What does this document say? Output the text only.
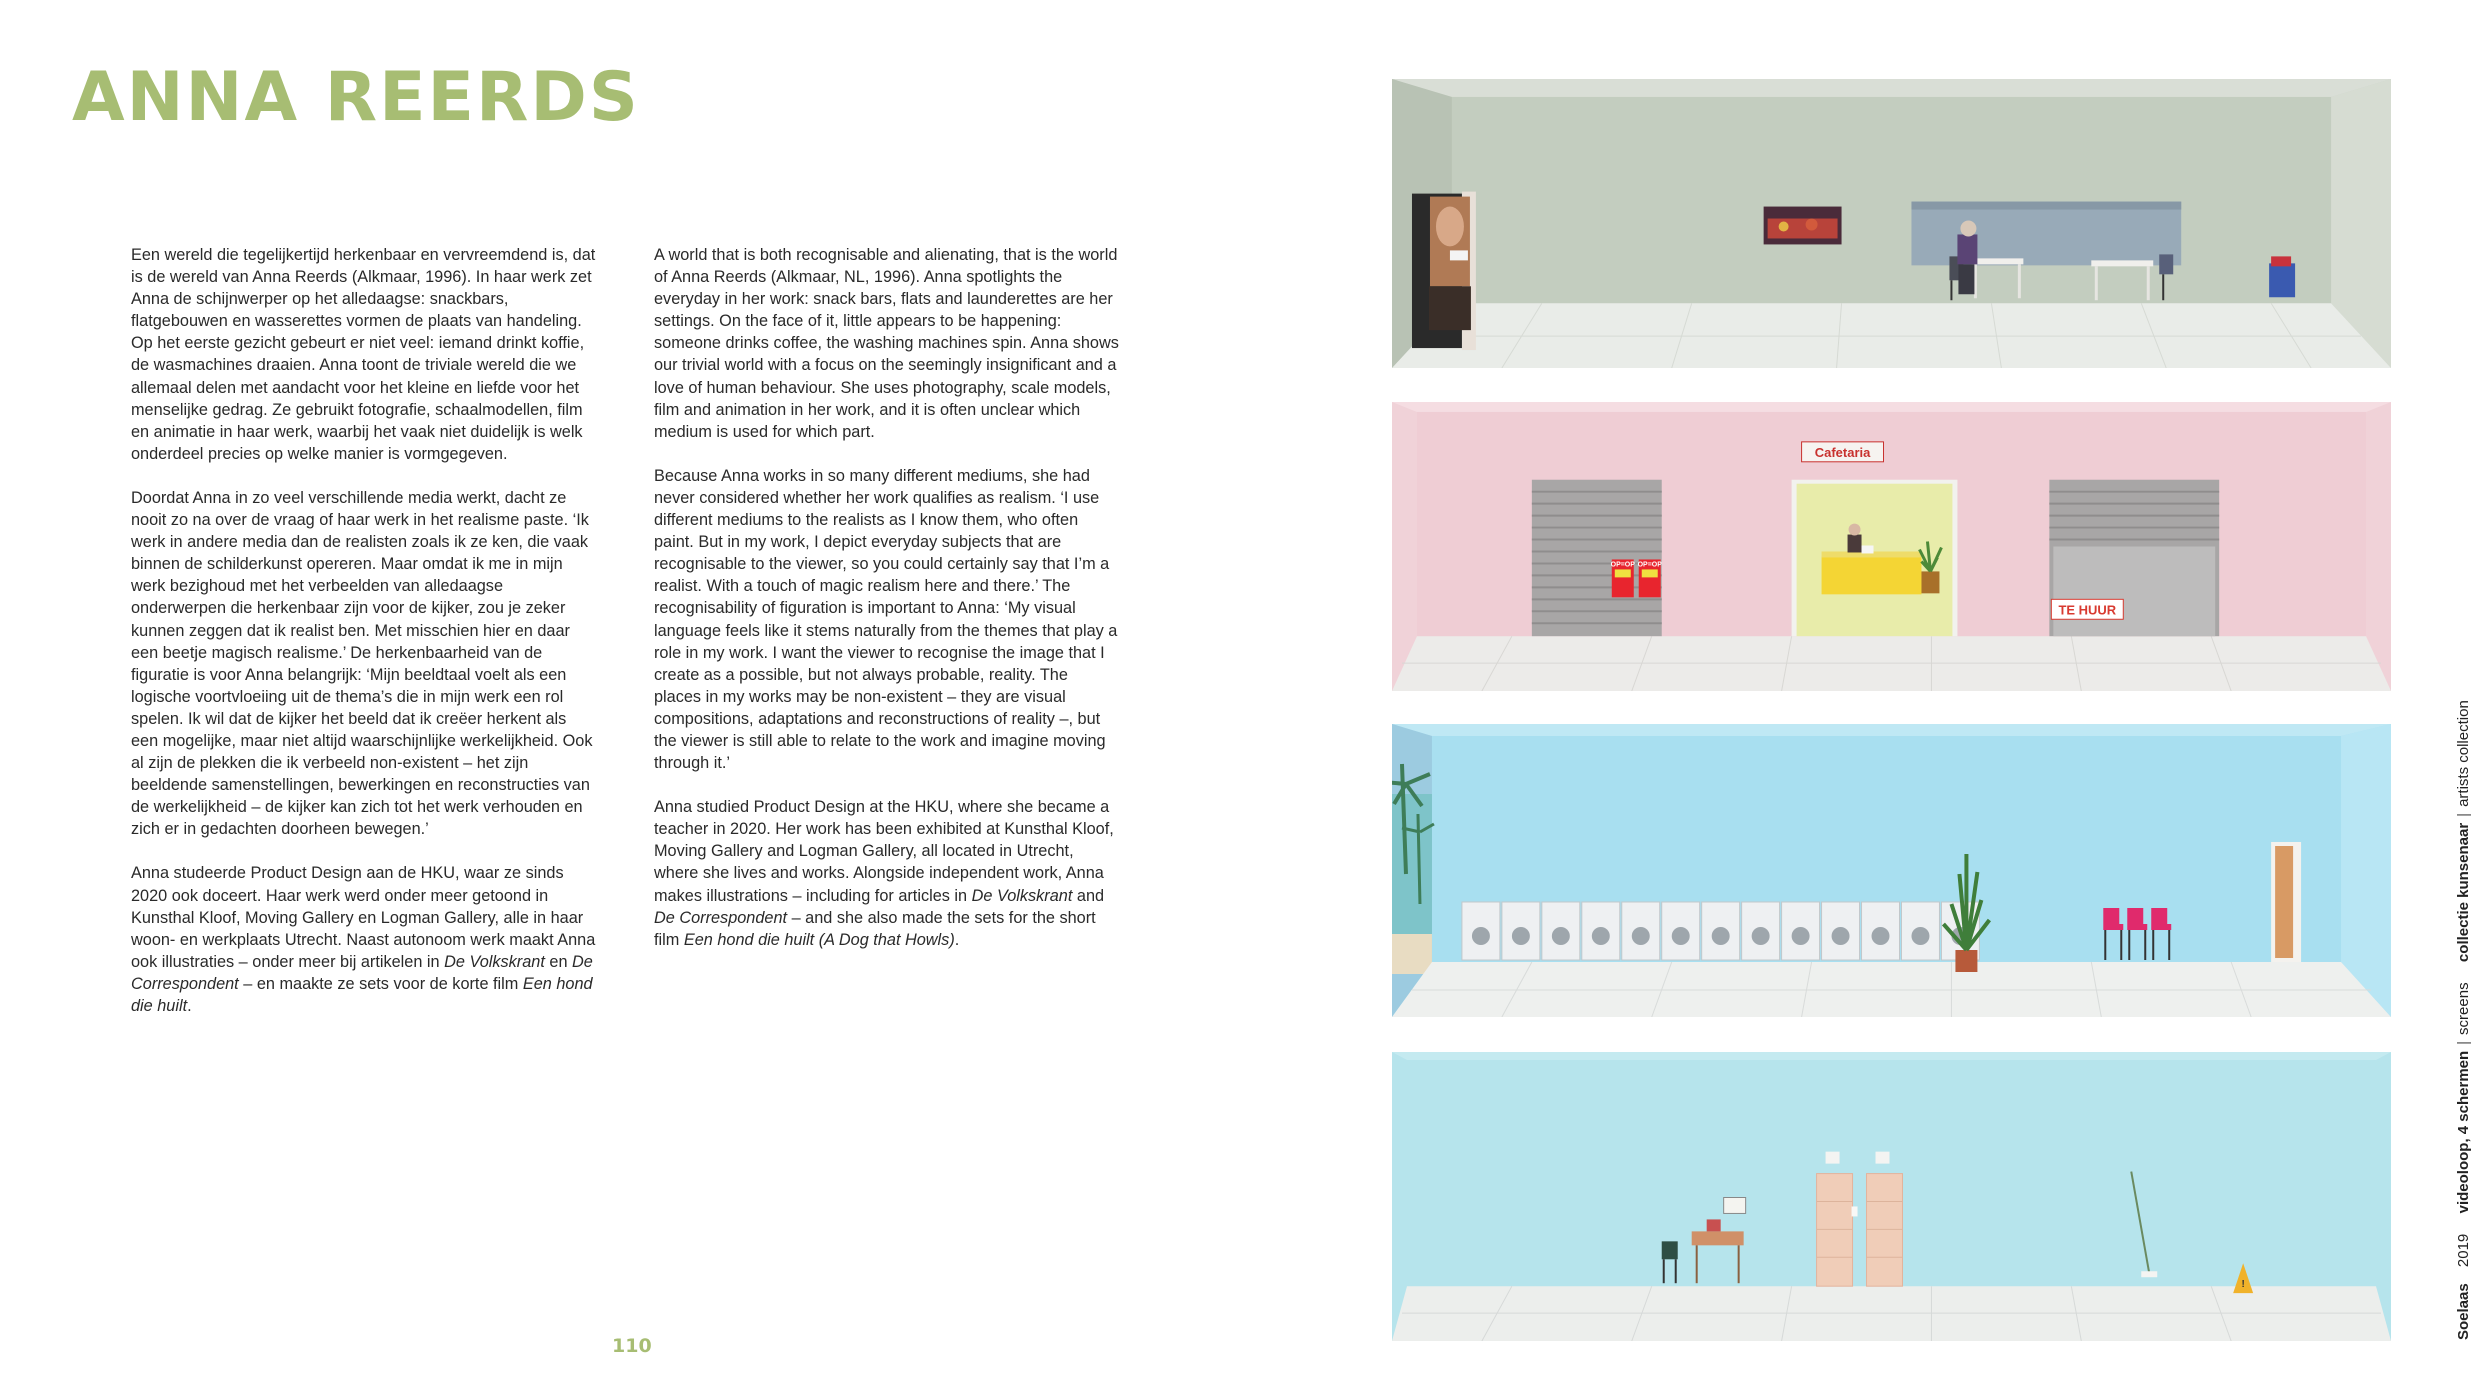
ANNA REERDS

Een wereld die tegelijkertijd herkenbaar en vervreemdend is, dat is de wereld van Anna Reerds (Alkmaar, 1996). In haar werk zet Anna de schijnwerper op het alledaagse: snackbars, flatgebouwen en wasserettes vormen de plaats van handeling. Op het eerste gezicht gebeurt er niet veel: iemand drinkt koffie, de wasmachines draaien. Anna toont de triviale wereld die we allemaal delen met aandacht voor het kleine en liefde voor het menselijke gedrag. Ze gebruikt fotografie, schaalmodellen, film en animatie in haar werk, waarbij het vaak niet duidelijk is welk onderdeel precies op welke manier is vormgegeven.

Doordat Anna in zo veel verschillende media werkt, dacht ze nooit zo na over de vraag of haar werk in het realisme paste. ‘Ik werk in andere media dan de realisten zoals ik ze ken, die vaak binnen de schilderkunst opereren. Maar omdat ik me in mijn werk bezighoud met het verbeelden van alledaagse onderwerpen die herkenbaar zijn voor de kijker, zou je zeker kunnen zeggen dat ik realist ben. Met misschien hier en daar een beetje magisch realisme.’ De herkenbaarheid van de figuratie is voor Anna belangrijk: ‘Mijn beeldtaal voelt als een logische voortvloeiing uit de thema’s die in mijn werk een rol spelen. Ik wil dat de kijker het beeld dat ik creëer herkent als een mogelijke, maar niet altijd waarschijnlijke werkelijkheid. Ook al zijn de plekken die ik verbeeld non-existent – het zijn beeldende samenstellingen, bewerkingen en reconstructies van de werkelijkheid – de kijker kan zich tot het werk verhouden en zich er in gedachten doorheen bewegen.’

Anna studeerde Product Design aan de HKU, waar ze sinds 2020 ook doceert. Haar werk werd onder meer getoond in Kunsthal Kloof, Moving Gallery en Logman Gallery, alle in haar woon- en werkplaats Utrecht. Naast autonoom werk maakt Anna ook illustraties – onder meer bij artikelen in De Volkskrant en De Correspondent – en maakte ze sets voor de korte film Een hond die huilt.

A world that is both recognisable and alienating, that is the world of Anna Reerds (Alkmaar, NL, 1996). Anna spotlights the everyday in her work: snack bars, flats and launderettes are her settings. On the face of it, little appears to be happening: someone drinks coffee, the washing machines spin. Anna shows our trivial world with a focus on the seemingly insignificant and a love of human behaviour. She uses photography, scale models, film and animation in her work, and it is often unclear which medium is used for which part.

Because Anna works in so many different mediums, she had never considered whether her work qualifies as realism. ‘I use different mediums to the realists as I know them, who often paint. But in my work, I depict everyday subjects that are recognisable to the viewer, so you could certainly say that I’m a realist. With a touch of magic realism here and there.’ The recognisability of figuration is important to Anna: ‘My visual language feels like it stems naturally from the themes that play a role in my work. I want the viewer to recognise the image that I create as a possible, but not always probable, reality. The places in my works may be non-existent – they are visual compositions, adaptations and reconstructions of reality –, but the viewer is still able to relate to the work and imagine moving through it.’

Anna studied Product Design at the HKU, where she became a teacher in 2020. Her work has been exhibited at Kunsthal Kloof, Moving Gallery and Logman Gallery, all located in Utrecht, where she lives and works. Alongside independent work, Anna makes illustrations – including for articles in De Volkskrant and De Correspondent – and she also made the sets for the short film Een hond die huilt (A Dog that Howls).

110
Soelaas 2019  videoloop, 4 schermen|screens  collectie kunsenaar|artists collection
OP=OP OP=OP
Cafetaria
TE HUUR
!
